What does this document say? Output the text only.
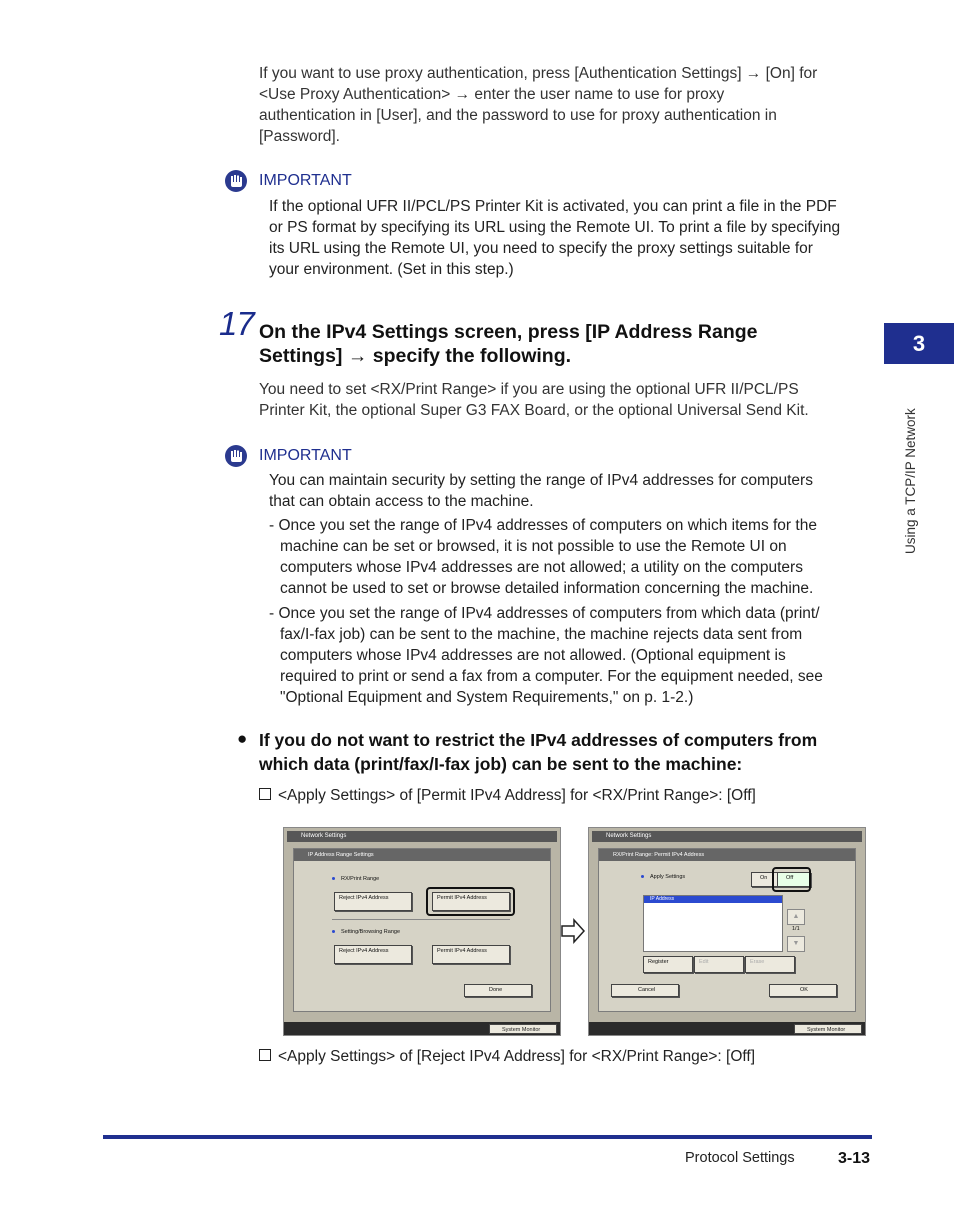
If you want to use proxy authentication, press [Authentication Settings] → [On] for
<Use Proxy Authentication> → enter the user name to use for proxy
authentication in [User], and the password to use for proxy authentication in
[Password].
IMPORTANT
If the optional UFR II/PCL/PS Printer Kit is activated, you can print a file in the PDF
or PS format by specifying its URL using the Remote UI. To print a file by specifying
its URL using the Remote UI, you need to specify the proxy settings suitable for
your environment. (Set in this step.)
17 On the IPv4 Settings screen, press [IP Address Range
Settings] → specify the following.
You need to set <RX/Print Range> if you are using the optional UFR II/PCL/PS
Printer Kit, the optional Super G3 FAX Board, or the optional Universal Send Kit.
IMPORTANT
You can maintain security by setting the range of IPv4 addresses for computers
that can obtain access to the machine.
- Once you set the range of IPv4 addresses of computers on which items for the
machine can be set or browsed, it is not possible to use the Remote UI on
computers whose IPv4 addresses are not allowed; a utility on the computers
cannot be used to set or browse detailed information concerning the machine.
- Once you set the range of IPv4 addresses of computers from which data (print/
fax/I-fax job) can be sent to the machine, the machine rejects data sent from
computers whose IPv4 addresses are not allowed. (Optional equipment is
required to print or send a fax from a computer. For the equipment needed, see
"Optional Equipment and System Requirements," on p. 1-2.)
● If you do not want to restrict the IPv4 addresses of computers from
which data (print/fax/I-fax job) can be sent to the machine:
<Apply Settings> of [Permit IPv4 Address] for <RX/Print Range>: [Off]
Network Settings
IP Address Range Settings
RX/Print Range
Reject IPv4 Address	Permit IPv4 Address
Setting/Browsing Range
Reject IPv4 Address	Permit IPv4 Address
Done
System Monitor
Network Settings
RX/Print Range: Permit IPv4 Address
Apply Settings	On	Off
IP Address
▲
1/1
▼
Register	Edit	Erase
Cancel	OK
System Monitor
<Apply Settings> of [Reject IPv4 Address] for <RX/Print Range>: [Off]
3
Using a TCP/IP Network
Protocol Settings	3-13
